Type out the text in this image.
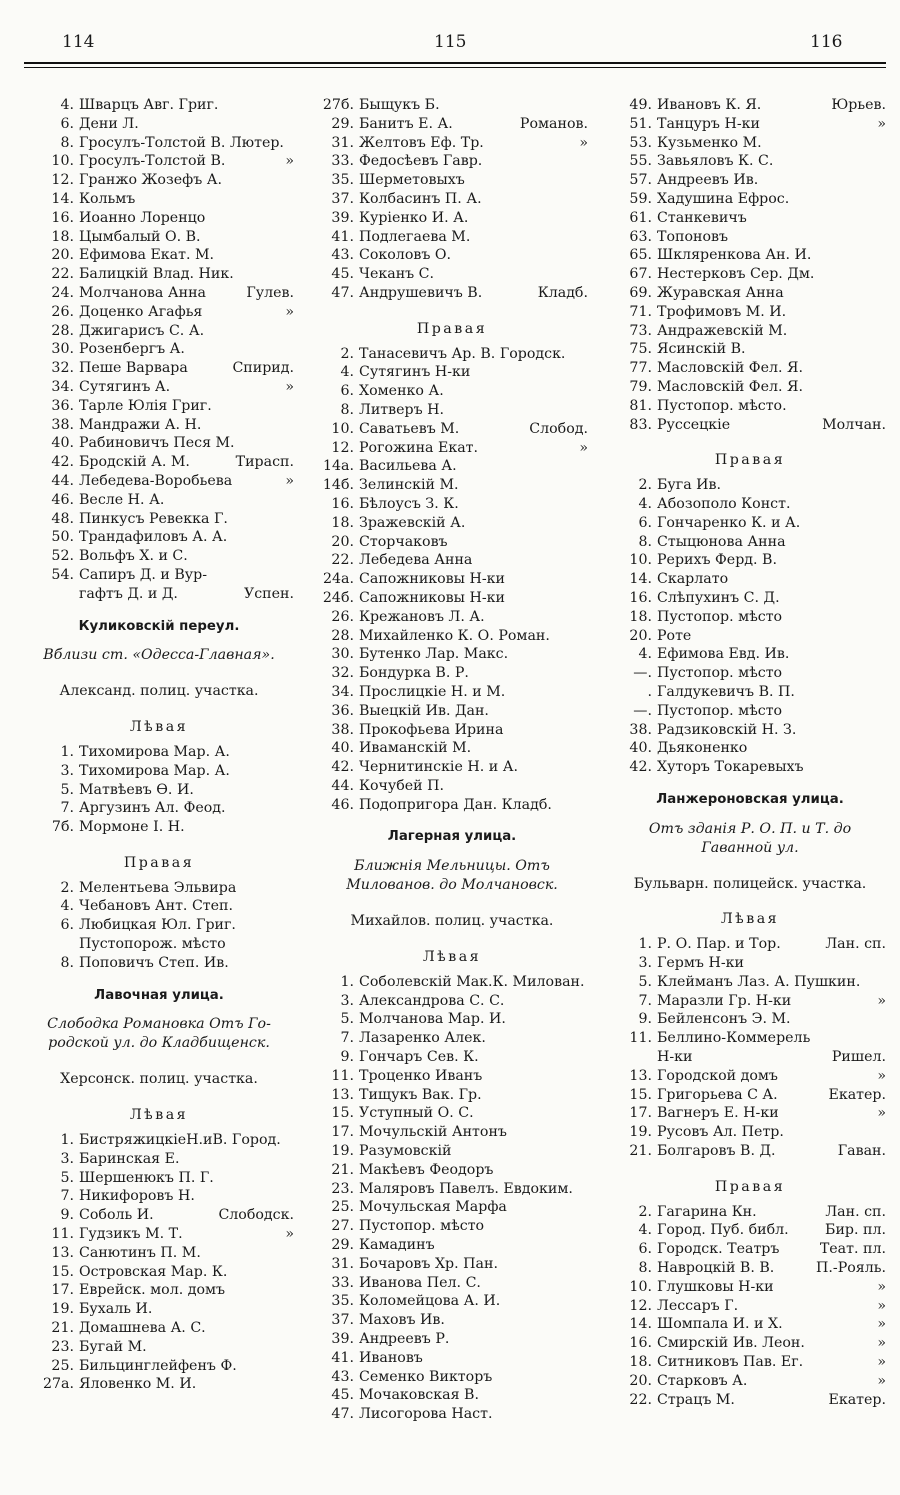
114	115	116
4. Шварцъ Авг. Григ.
6. Дени Л.
8. Гросулъ-Толстой В. Лютер.
10. Гросулъ-Толстой В.	»
12. Гранжо Жозефъ А.
14. Кольмъ
16. Иоанно Лоренцо
18. Цымбалый О. В.
20. Ефимова Екат. М.
22. Балицкій Влад. Ник.
24. Молчанова Анна	Гулев.
26. Доценко Агафья	»
28. Джигарисъ С. А.
30. Розенбергъ А.
32. Пеше Варвара	Спирид.
34. Сутягинъ А.	»
36. Тарле Юлія Григ.
38. Мандражи А. Н.
40. Рабиновичъ Песя М.
42. Бродскій А. М.	Тирасп.
44. Лебедева-Воробьева	»
46. Весле Н. А.
48. Пинкусъ Ревекка Г.
50. Трандафиловъ А. А.
52. Вольфъ Х. и С.
54. Сапиръ Д. и Вур-
гафтъ Д. и Д.	Успен.
Куликовскій переул.
Вблизи ст. «Одесса-Главная».
Александ. полиц. участка.
Лѣвая
1. Тихомирова Мар. А.
3. Тихомирова Мар. А.
5. Матвѣевъ Ѳ. И.
7. Аргузинъ Ал. Феод.
7б. Мормоне І. Н.
Правая
2. Мелентьева Эльвира
4. Чебановъ Ант. Степ.
6. Любицкая Юл. Григ.
Пустопорож. мѣсто
8. Поповичъ Степ. Ив.
Лавочная улица.
Слободка Романовка Отъ Го-
родской ул. до Кладбищенск.
Херсонск. полиц. участка.
Лѣвая
1. БистряжицкіеН.иВ. Город.
3. Баринская Е.
5. Шершенюкъ П. Г.
7. Никифоровъ Н.
9. Соболь И.	Слободск.
11. Гудзикъ М. Т.	»
13. Санютинъ П. М.
15. Островская Мар. К.
17. Еврейск. мол. домъ
19. Бухаль И.
21. Домашнева А. С.
23. Бугай М.
25. Бильцинглейфенъ Ф.
27а. Яловенко М. И.
27б. Быщукъ Б.
29. Банитъ Е. А.	Романов.
31. Желтовъ Еф. Тр.	»
33. Федосѣевъ Гавр.
35. Шерметовыхъ
37. Колбасинъ П. А.
39. Куріенко И. А.
41. Подлегаева М.
43. Соколовъ О.
45. Чеканъ С.
47. Андрушевичъ В.	Кладб.
Правая
2. Танасевичъ Ар. В. Городск.
4. Сутягинъ Н-ки
6. Хоменко А.
8. Литверъ Н.
10. Саватьевъ М.	Слобод.
12. Рогожина Екат.	»
14а. Васильева А.
14б. Зелинскій М.
16. Бѣлоусъ З. К.
18. Зражевскій А.
20. Сторчаковъ
22. Лебедева Анна
24а. Сапожниковы Н-ки
24б. Сапожниковы Н-ки
26. Крежановъ Л. А.
28. Михайленко К. О. Роман.
30. Бутенко Лар. Макс.
32. Бондурка В. Р.
34. Прослицкіе Н. и М.
36. Выецкій Ив. Дан.
38. Прокофьева Ирина
40. Иваманскій М.
42. Чернитинскіе Н. и А.
44. Кочубей П.
46. Подопригора Дан. Кладб.
Лагерная улица.
Ближнія Мельницы. Отъ
Милованов. до Молчановск.
Михайлов. полиц. участка.
Лѣвая
1. Соболевскій Мак.К. Милован.
3. Александрова С. С.
5. Молчанова Мар. И.
7. Лазаренко Алек.
9. Гончаръ Сев. К.
11. Троценко Иванъ
13. Тищукъ Вак. Гр.
15. Уступный О. С.
17. Мочульскій Антонъ
19. Разумовскій
21. Макѣевъ Феодоръ
23. Маляровъ Павелъ. Евдоким.
25. Мочульская Марфа
27. Пустопор. мѣсто
29. Камадинъ
31. Бочаровъ Хр. Пан.
33. Иванова Пел. С.
35. Коломейцова А. И.
37. Маховъ Ив.
39. Андреевъ Р.
41. Ивановъ
43. Семенко Викторъ
45. Мочаковская В.
47. Лисогорова Наст.
49. Ивановъ К. Я.	Юрьев.
51. Танцуръ Н-ки	»
53. Кузьменко М.
55. Завьяловъ К. С.
57. Андреевъ Ив.
59. Хадушина Ефрос.
61. Станкевичъ
63. Топоновъ
65. Шкляренкова Ан. И.
67. Нестерковъ Сер. Дм.
69. Журавская Анна
71. Трофимовъ М. И.
73. Андражевскій М.
75. Ясинскій В.
77. Масловскій Фел. Я.
79. Масловскій Фел. Я.
81. Пустопор. мѣсто.
83. Руссецкіе	Молчан.
Правая
2. Буга Ив.
4. Абозополо Конст.
6. Гончаренко К. и А.
8. Стыцюнова Анна
10. Рерихъ Ферд. В.
14. Скарлато
16. Слѣпухинъ С. Д.
18. Пустопор. мѣсто
20. Роте
4. Ефимова Евд. Ив.
—. Пустопор. мѣсто
. Галдукевичъ В. П.
—. Пустопор. мѣсто
38. Радзиковскій Н. З.
40. Дьяконенко
42. Хуторъ Токаревыхъ
Ланжероновская улица.
Отъ зданія Р. О. П. и Т. до
Гаванной ул.
Бульварн. полицейск. участка.
Лѣвая
1. Р. О. Пар. и Тор.	Лан. сп.
3. Гермъ Н-ки
5. Клейманъ Лаз. А. Пушкин.
7. Маразли Гр. Н-ки	»
9. Бейленсонъ Э. М.
11. Беллино-Коммерель
Н-ки	Ришел.
13. Городской домъ	»
15. Григорьева С А.	Екатер.
17. Вагнеръ Е. Н-ки	»
19. Русовъ Ал. Петр.
21. Болгаровъ В. Д.	Гаван.
Правая
2. Гагарина Кн.	Лан. сп.
4. Город. Пуб. библ.	Бир. пл.
6. Городск. Театръ	Теат. пл.
8. Навроцкій В. В.	П.-Рояль.
10. Глушковы Н-ки	»
12. Лессаръ Г.	»
14. Шомпала И. и Х.	»
16. Смирскій Ив. Леон.	»
18. Ситниковъ Пав. Ег.	»
20. Старковъ А.	»
22. Страцъ М.	Екатер.
